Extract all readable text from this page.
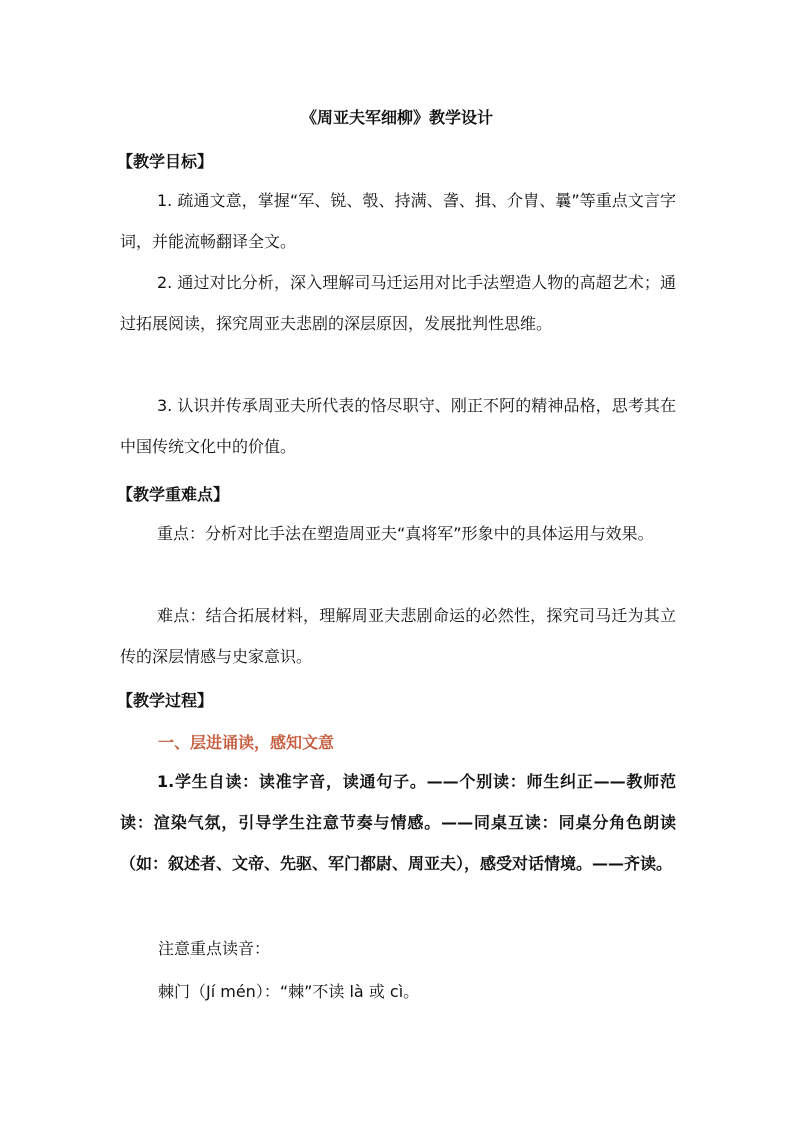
《周亚夫军细柳》教学设计
【教学目标】
1. 疏通文意，掌握“军、锐、彀、持满、詟、揖、介胄、曩”等重点文言字词，并能流畅翻译全文。
2. 通过对比分析，深入理解司马迁运用对比手法塑造人物的高超艺术；通过拓展阅读，探究周亚夫悲剧的深层原因，发展批判性思维。
3. 认识并传承周亚夫所代表的恪尽职守、刚正不阿的精神品格，思考其在中国传统文化中的价值。
【教学重难点】
重点：分析对比手法在塑造周亚夫“真将军”形象中的具体运用与效果。
难点：结合拓展材料，理解周亚夫悲剧命运的必然性，探究司马迁为其立传的深层情感与史家意识。
【教学过程】
一、层进诵读，感知文意
1.学生自读：读准字音，读通句子。——个别读：师生纠正——教师范读：渲染气氛，引导学生注意节奏与情感。——同桌互读：同桌分角色朗读（如：叙述者、文帝、先驱、军门都尉、周亚夫），感受对话情境。——齐读。
注意重点读音：
棘门（Jí mén）：“棘”不读 là 或 cì。
